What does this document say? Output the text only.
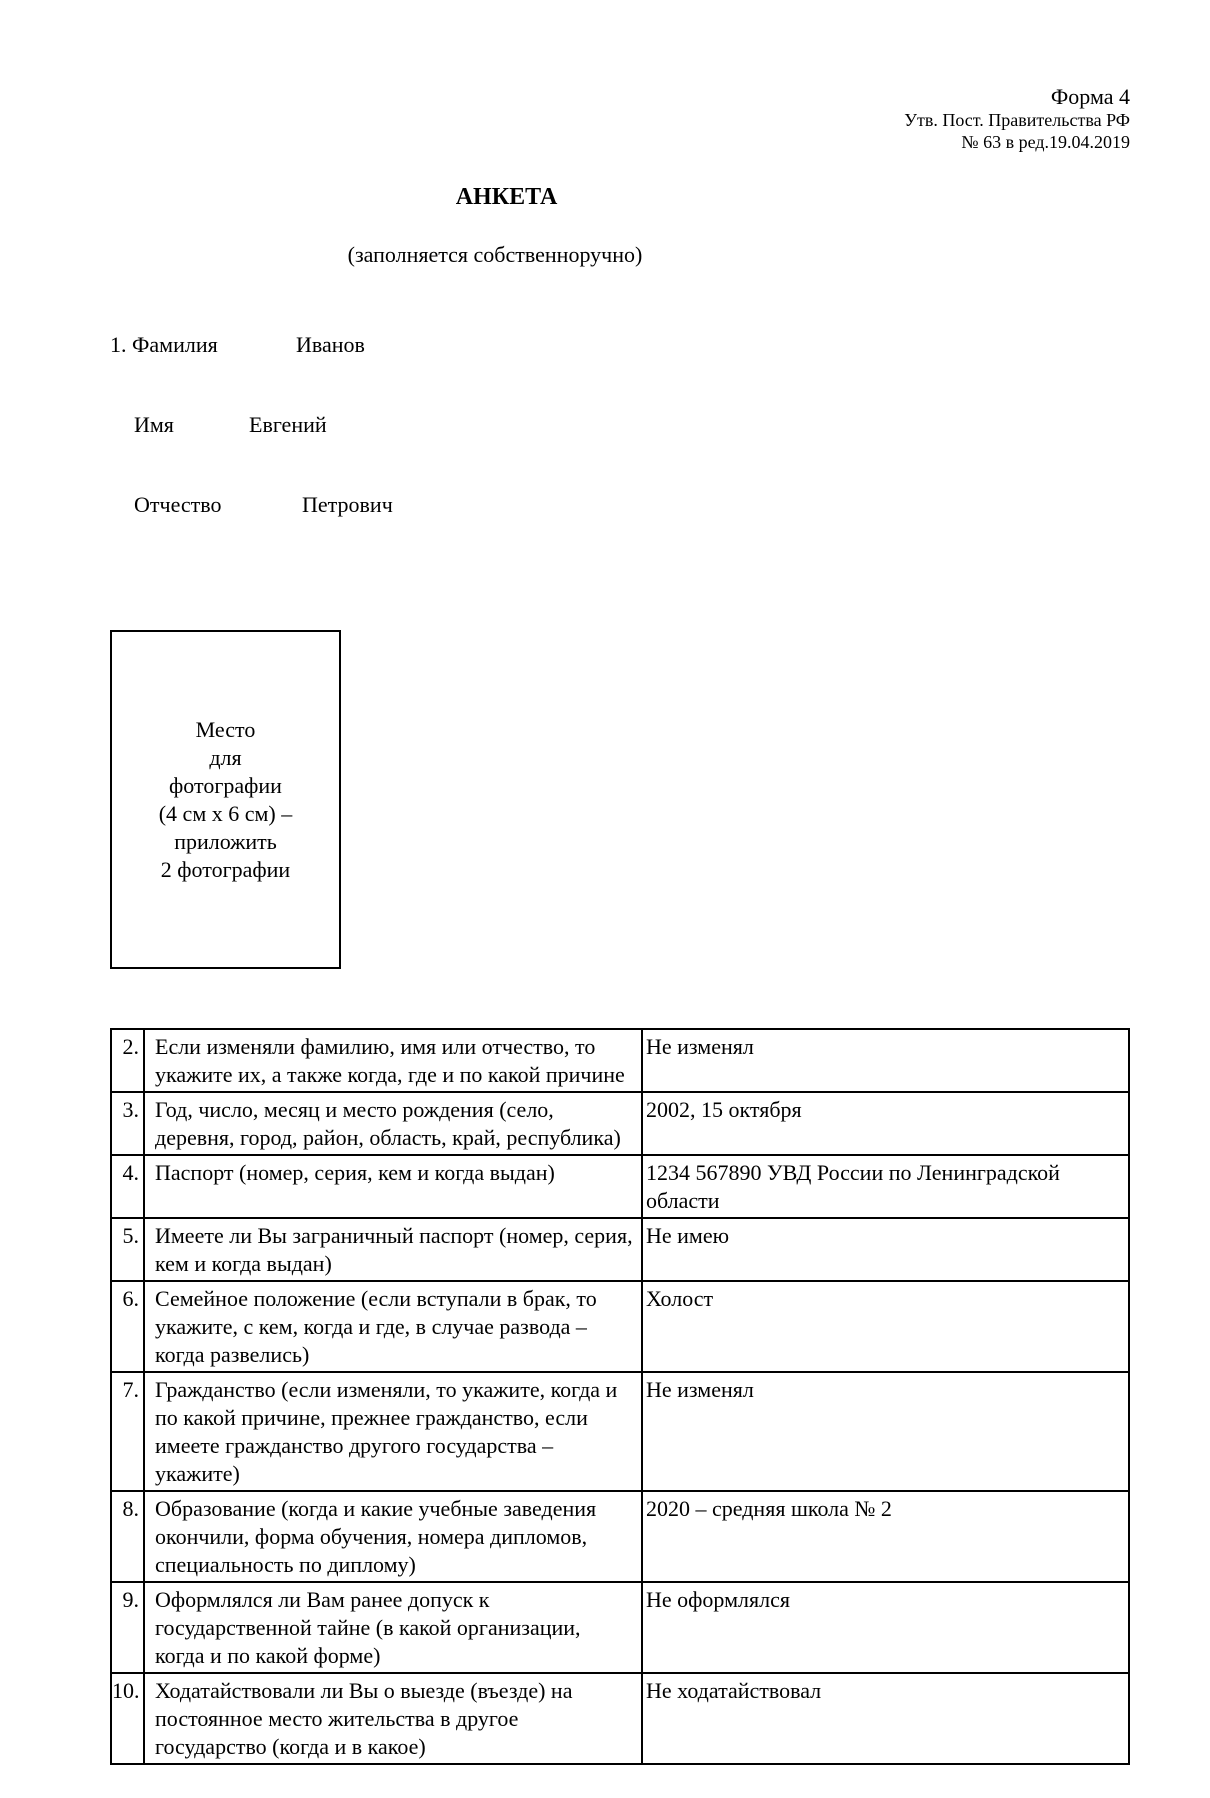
Форма 4
Утв. Пост. Правительства РФ
№ 63 в ред.19.04.2019
АНКЕТА
(заполняется собственноручно)
1. Фамилия	Иванов
Имя	Евгений
Отчество	Петрович
Место
для
фотографии
(4 см х 6 см) –
приложить
2 фотографии
2.	Если изменяли фамилию, имя или отчество, то укажите их, а также когда, где и по какой причине	Не изменял
3.	Год, число, месяц и место рождения (село, деревня, город, район, область, край, республика)	2002, 15 октября
4.	Паспорт (номер, серия, кем и когда выдан)	1234 567890 УВД России по Ленинградской области
5.	Имеете ли Вы заграничный паспорт (номер, серия, кем и когда выдан)	Не имею
6.	Семейное положение (если вступали в брак, то укажите, с кем, когда и где, в случае развода – когда развелись)	Холост
7.	Гражданство (если изменяли, то укажите, когда и по какой причине, прежнее гражданство, если имеете гражданство другого государства – укажите)	Не изменял
8.	Образование (когда и какие учебные заведения окончили, форма обучения, номера дипломов, специальность по диплому)	2020 – средняя школа № 2
9.	Оформлялся ли Вам ранее допуск к государственной тайне (в какой организации, когда и по какой форме)	Не оформлялся
10.	Ходатайствовали ли Вы о выезде (въезде) на постоянное место жительства в другое государство (когда и в какое)	Не ходатайствовал
